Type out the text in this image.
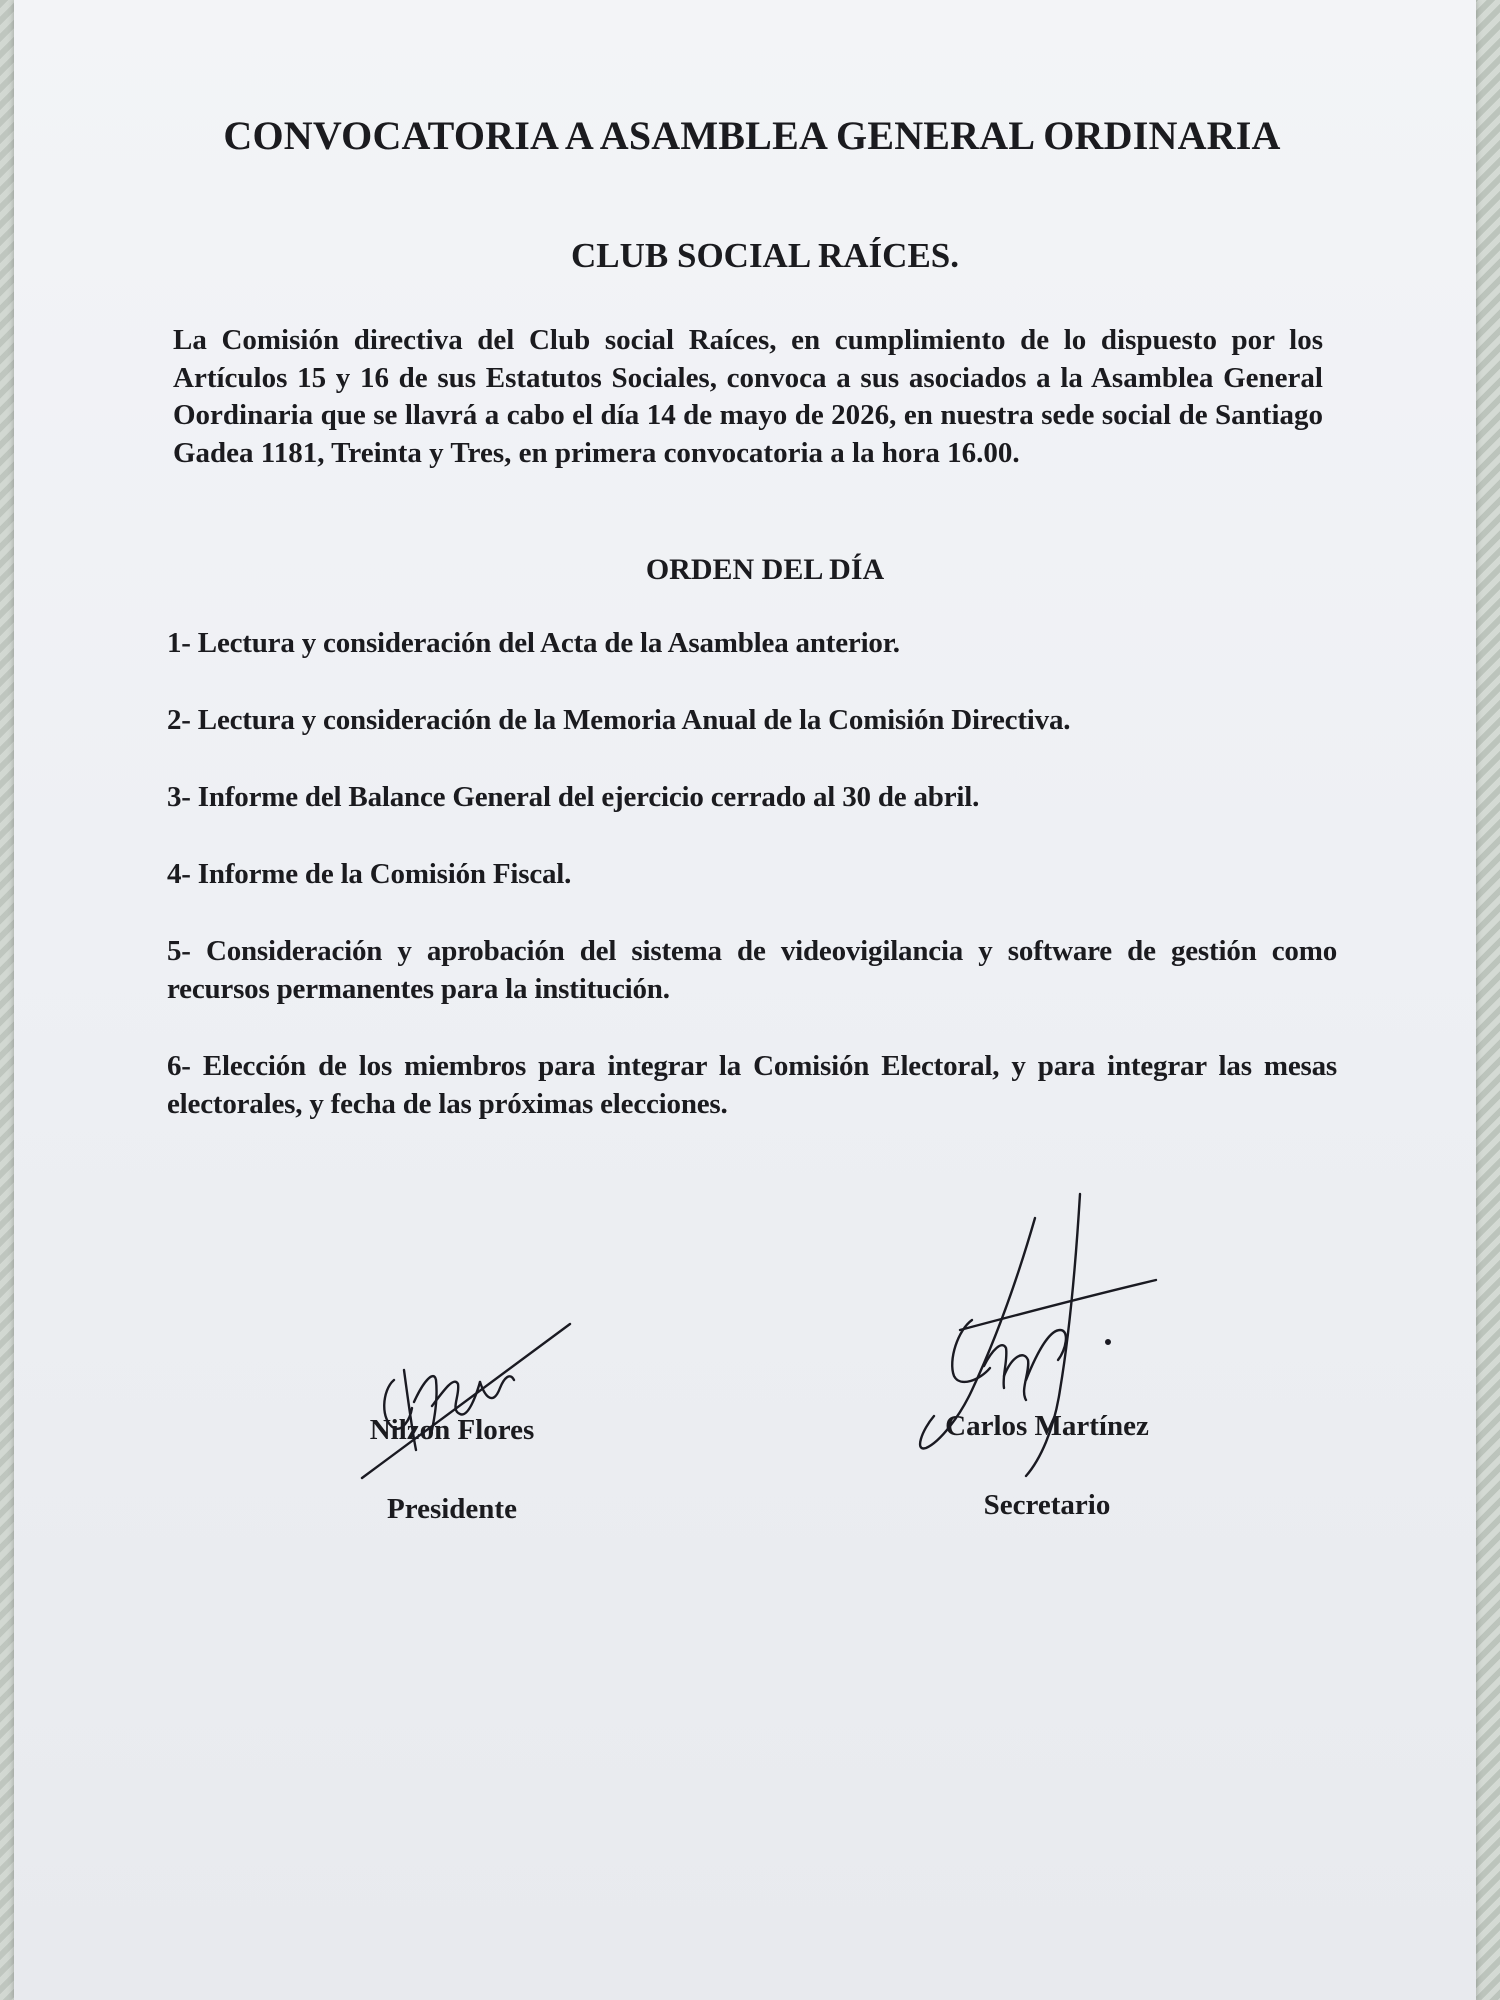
CONVOCATORIA A ASAMBLEA GENERAL ORDINARIA
CLUB SOCIAL RAÍCES.

La Comisión directiva del Club social Raíces, en cumplimiento de lo dispuesto por los Artículos 15 y 16 de sus Estatutos Sociales, convoca a sus asociados a la Asamblea General Oordinaria que se llavrá a cabo el día 14 de mayo de 2026, en nuestra sede social de Santiago Gadea 1181, Treinta y Tres, en primera convocatoria a la hora 16.00.

ORDEN DEL DÍA
1- Lectura y consideración del Acta de la Asamblea anterior.
2- Lectura y consideración de la Memoria Anual de la Comisión Directiva.
3- Informe del Balance General del ejercicio cerrado al 30 de abril.
4- Informe de la Comisión Fiscal.
5- Consideración y aprobación del sistema de videovigilancia y software de gestión como recursos permanentes para la institución.
6- Elección de los miembros para integrar la Comisión Electoral, y para integrar las mesas electorales, y fecha de las próximas elecciones.
Nilzon Flores
Presidente
Carlos Martínez
Secretario
